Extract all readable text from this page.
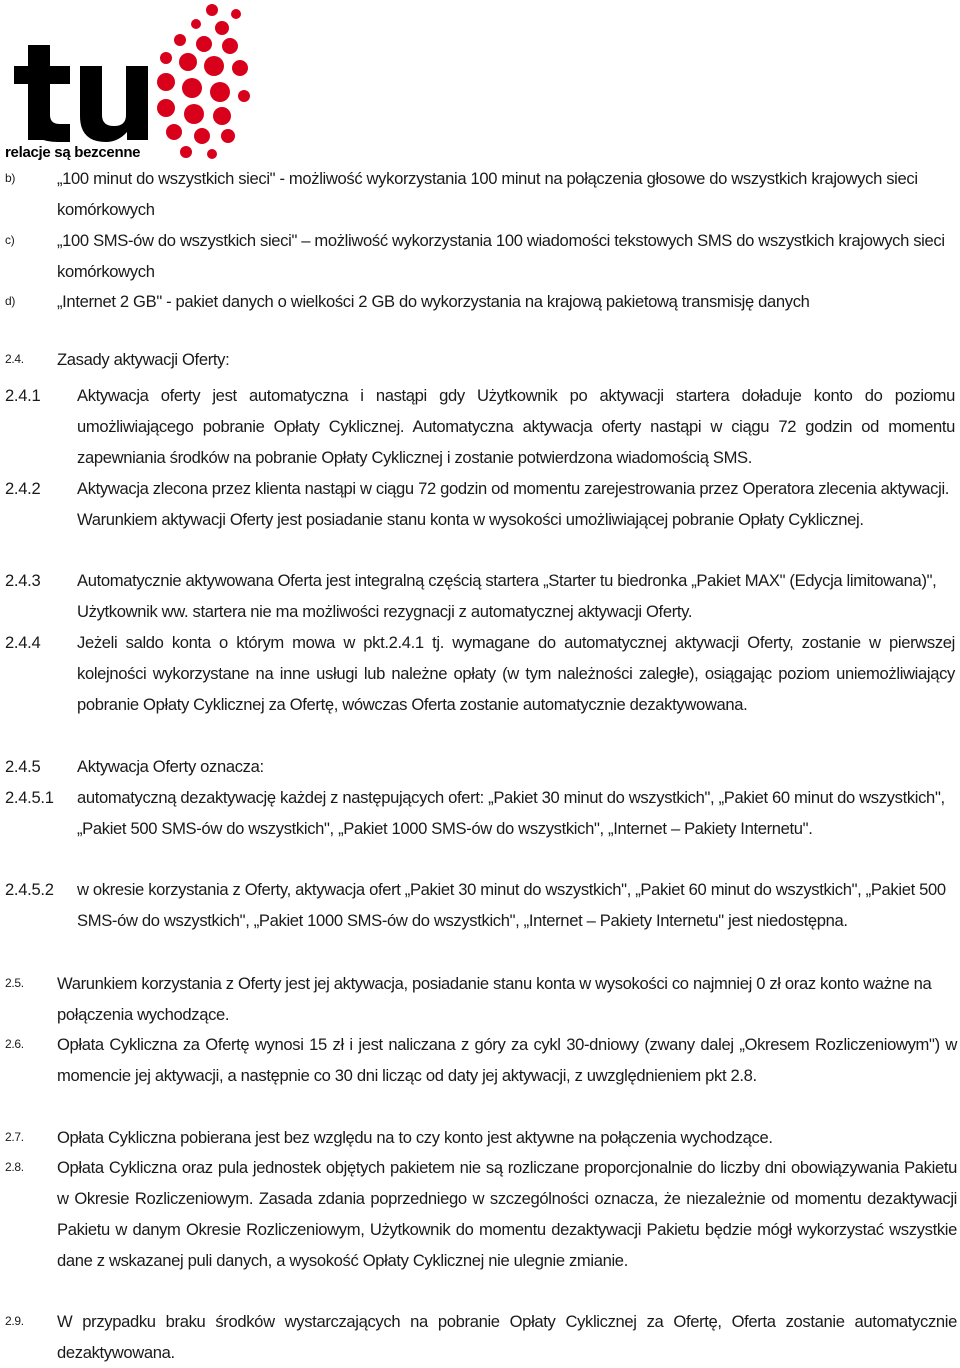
relacje są bezcenne
b)	„100 minut do wszystkich sieci" - możliwość wykorzystania 100 minut na połączenia głosowe do wszystkich krajowych sieci komórkowych
c)	„100 SMS-ów do wszystkich sieci" – możliwość wykorzystania 100 wiadomości tekstowych SMS do wszystkich krajowych sieci komórkowych
d)	„Internet 2 GB" - pakiet danych o wielkości 2 GB do wykorzystania na krajową pakietową transmisję danych
2.4. Zasady aktywacji Oferty:
2.4.1 Aktywacja oferty jest automatyczna i nastąpi gdy Użytkownik po aktywacji startera doładuje konto do poziomu umożliwiającego pobranie Opłaty Cyklicznej. Automatyczna aktywacja oferty nastąpi w ciągu 72 godzin od momentu zapewniania środków na pobranie Opłaty Cyklicznej i zostanie potwierdzona wiadomością SMS.
2.4.2 Aktywacja zlecona przez klienta nastąpi w ciągu 72 godzin od momentu zarejestrowania przez Operatora zlecenia aktywacji. Warunkiem aktywacji Oferty jest posiadanie stanu konta w wysokości umożliwiającej pobranie Opłaty Cyklicznej.
2.4.3 Automatycznie aktywowana Oferta jest integralną częścią startera „Starter tu biedronka „Pakiet MAX" (Edycja limitowana)", Użytkownik ww. startera nie ma możliwości rezygnacji z automatycznej aktywacji Oferty.
2.4.4 Jeżeli saldo konta o którym mowa w pkt.2.4.1 tj. wymagane do automatycznej aktywacji Oferty, zostanie w pierwszej kolejności wykorzystane na inne usługi lub należne opłaty (w tym należności zaległe), osiągając poziom uniemożliwiający pobranie Opłaty Cyklicznej za Ofertę, wówczas Oferta zostanie automatycznie dezaktywowana.
2.4.5 Aktywacja Oferty oznacza:
2.4.5.1 automatyczną dezaktywację każdej z następujących ofert: „Pakiet 30 minut do wszystkich", „Pakiet 60 minut do wszystkich", „Pakiet 500 SMS-ów do wszystkich", „Pakiet 1000 SMS-ów do wszystkich", „Internet – Pakiety Internetu".
2.4.5.2 w okresie korzystania z Oferty, aktywacja ofert „Pakiet 30 minut do wszystkich", „Pakiet 60 minut do wszystkich", „Pakiet 500 SMS-ów do wszystkich", „Pakiet 1000 SMS-ów do wszystkich", „Internet – Pakiety Internetu" jest niedostępna.
2.5. Warunkiem korzystania z Oferty jest jej aktywacja, posiadanie stanu konta w wysokości co najmniej 0 zł oraz konto ważne na połączenia wychodzące.
2.6. Opłata Cykliczna za Ofertę wynosi 15 zł i jest naliczana z góry za cykl 30-dniowy (zwany dalej „Okresem Rozliczeniowym") w momencie jej aktywacji, a następnie co 30 dni licząc od daty jej aktywacji, z uwzględnieniem pkt 2.8.
2.7. Opłata Cykliczna pobierana jest bez względu na to czy konto jest aktywne na połączenia wychodzące.
2.8. Opłata Cykliczna oraz pula jednostek objętych pakietem nie są rozliczane proporcjonalnie do liczby dni obowiązywania Pakietu w Okresie Rozliczeniowym. Zasada zdania poprzedniego w szczególności oznacza, że niezależnie od momentu dezaktywacji Pakietu w danym Okresie Rozliczeniowym, Użytkownik do momentu dezaktywacji Pakietu będzie mógł wykorzystać wszystkie dane z wskazanej puli danych, a wysokość Opłaty Cyklicznej nie ulegnie zmianie.
2.9. W przypadku braku środków wystarczających na pobranie Opłaty Cyklicznej za Ofertę, Oferta zostanie automatycznie dezaktywowana.
